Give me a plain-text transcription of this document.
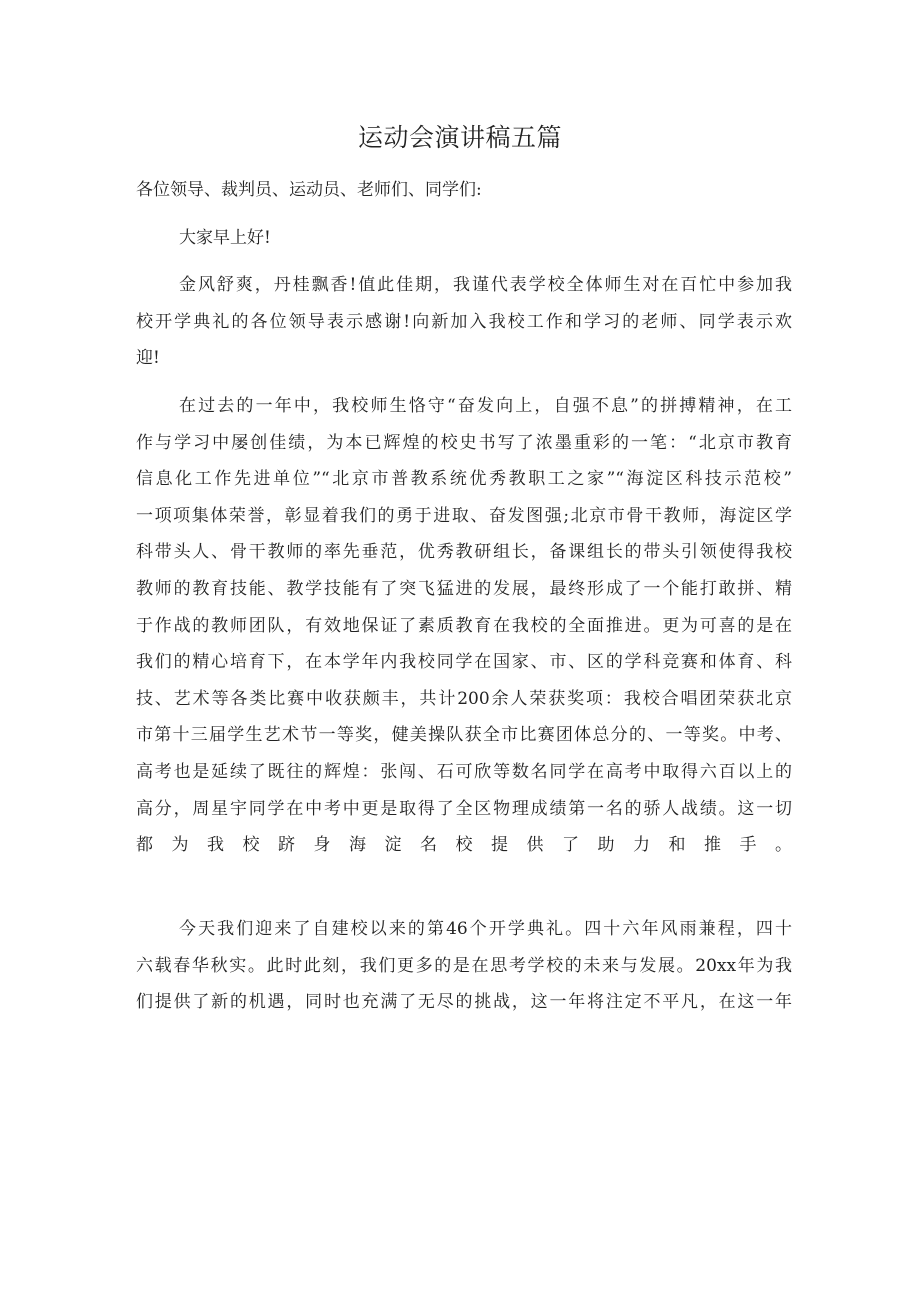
运动会演讲稿五篇
各位领导、裁判员、运动员、老师们、同学们:
大家早上好!
金风舒爽，丹桂飘香!值此佳期，我谨代表学校全体师生对在百忙中参加我
校开学典礼的各位领导表示感谢!向新加入我校工作和学习的老师、同学表示欢
迎!
在过去的一年中，我校师生恪守“奋发向上，自强不息”的拼搏精神，在工
作与学习中屡创佳绩，为本已辉煌的校史书写了浓墨重彩的一笔：“北京市教育
信息化工作先进单位”“北京市普教系统优秀教职工之家”“海淀区科技示范校”
一项项集体荣誉，彰显着我们的勇于进取、奋发图强;北京市骨干教师，海淀区学
科带头人、骨干教师的率先垂范，优秀教研组长，备课组长的带头引领使得我校
教师的教育技能、教学技能有了突飞猛进的发展，最终形成了一个能打敢拼、精
于作战的教师团队，有效地保证了素质教育在我校的全面推进。更为可喜的是在
我们的精心培育下，在本学年内我校同学在国家、市、区的学科竞赛和体育、科
技、艺术等各类比赛中收获颇丰，共计200余人荣获奖项：我校合唱团荣获北京
市第十三届学生艺术节一等奖，健美操队获全市比赛团体总分的、一等奖。中考、
高考也是延续了既往的辉煌：张闯、石可欣等数名同学在高考中取得六百以上的
高分，周星宇同学在中考中更是取得了全区物理成绩第一名的骄人战绩。这一切
都为我校跻身海淀名校提供了助力和推手。
今天我们迎来了自建校以来的第46个开学典礼。四十六年风雨兼程，四十
六载春华秋实。此时此刻，我们更多的是在思考学校的未来与发展。20xx年为我
们提供了新的机遇，同时也充满了无尽的挑战，这一年将注定不平凡，在这一年
